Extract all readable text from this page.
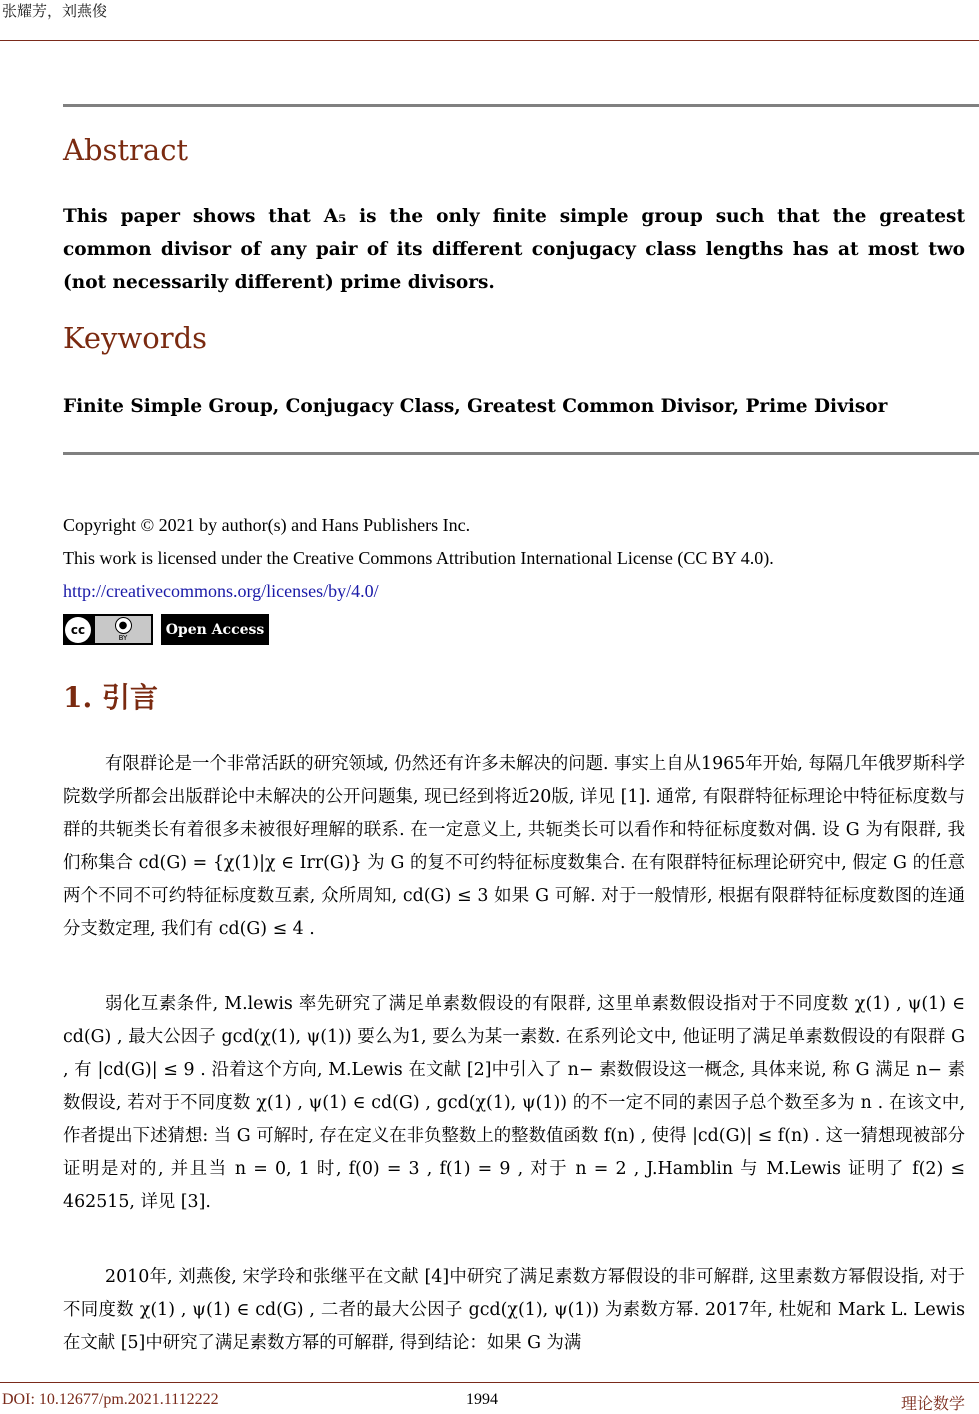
张耀芳，刘燕俊
Abstract
This paper shows that A₅ is the only finite simple group such that the greatest common divisor of any pair of its different conjugacy class lengths has at most two (not necessarily different) prime divisors.
Keywords
Finite Simple Group, Conjugacy Class, Greatest Common Divisor, Prime Divisor
Copyright © 2021 by author(s) and Hans Publishers Inc.
This work is licensed under the Creative Commons Attribution International License (CC BY 4.0).
http://creativecommons.org/licenses/by/4.0/
cc	●
BY
Open Access
1. 引言
有限群论是一个非常活跃的研究领域, 仍然还有许多未解决的问题. 事实上自从1965年开始, 每隔几年俄罗斯科学院数学所都会出版群论中未解决的公开问题集, 现已经到将近20版, 详见 [1]. 通常, 有限群特征标理论中特征标度数与群的共轭类长有着很多未被很好理解的联系. 在一定意义上, 共轭类长可以看作和特征标度数对偶. 设 G 为有限群, 我们称集合 cd(G) = {χ(1)|χ ∈ Irr(G)} 为 G 的复不可约特征标度数集合. 在有限群特征标理论研究中, 假定 G 的任意两个不同不可约特征标度数互素, 众所周知, cd(G) ≤ 3 如果 G 可解. 对于一般情形, 根据有限群特征标度数图的连通分支数定理, 我们有 cd(G) ≤ 4 .
弱化互素条件, M.lewis 率先研究了满足单素数假设的有限群, 这里单素数假设指对于不同度数 χ(1) , ψ(1) ∈ cd(G) , 最大公因子 gcd(χ(1), ψ(1)) 要么为1, 要么为某一素数. 在系列论文中, 他证明了满足单素数假设的有限群 G , 有 |cd(G)| ≤ 9 . 沿着这个方向, M.Lewis 在文献 [2]中引入了 n− 素数假设这一概念, 具体来说, 称 G 满足 n− 素数假设, 若对于不同度数 χ(1) , ψ(1) ∈ cd(G) , gcd(χ(1), ψ(1)) 的不一定不同的素因子总个数至多为 n . 在该文中, 作者提出下述猜想: 当 G 可解时, 存在定义在非负整数上的整数值函数 f(n) , 使得 |cd(G)| ≤ f(n) . 这一猜想现被部分证明是对的, 并且当 n = 0, 1 时, f(0) = 3 , f(1) = 9 , 对于 n = 2 , J.Hamblin 与 M.Lewis 证明了 f(2) ≤ 462515, 详见 [3].
2010年, 刘燕俊, 宋学玲和张继平在文献 [4]中研究了满足素数方幂假设的非可解群, 这里素数方幂假设指, 对于不同度数 χ(1) , ψ(1) ∈ cd(G) , 二者的最大公因子 gcd(χ(1), ψ(1)) 为素数方幂. 2017年, 杜妮和 Mark L. Lewis 在文献 [5]中研究了满足素数方幂的可解群, 得到结论：如果 G 为满
DOI: 10.12677/pm.2021.1112222	1994	理论数学
